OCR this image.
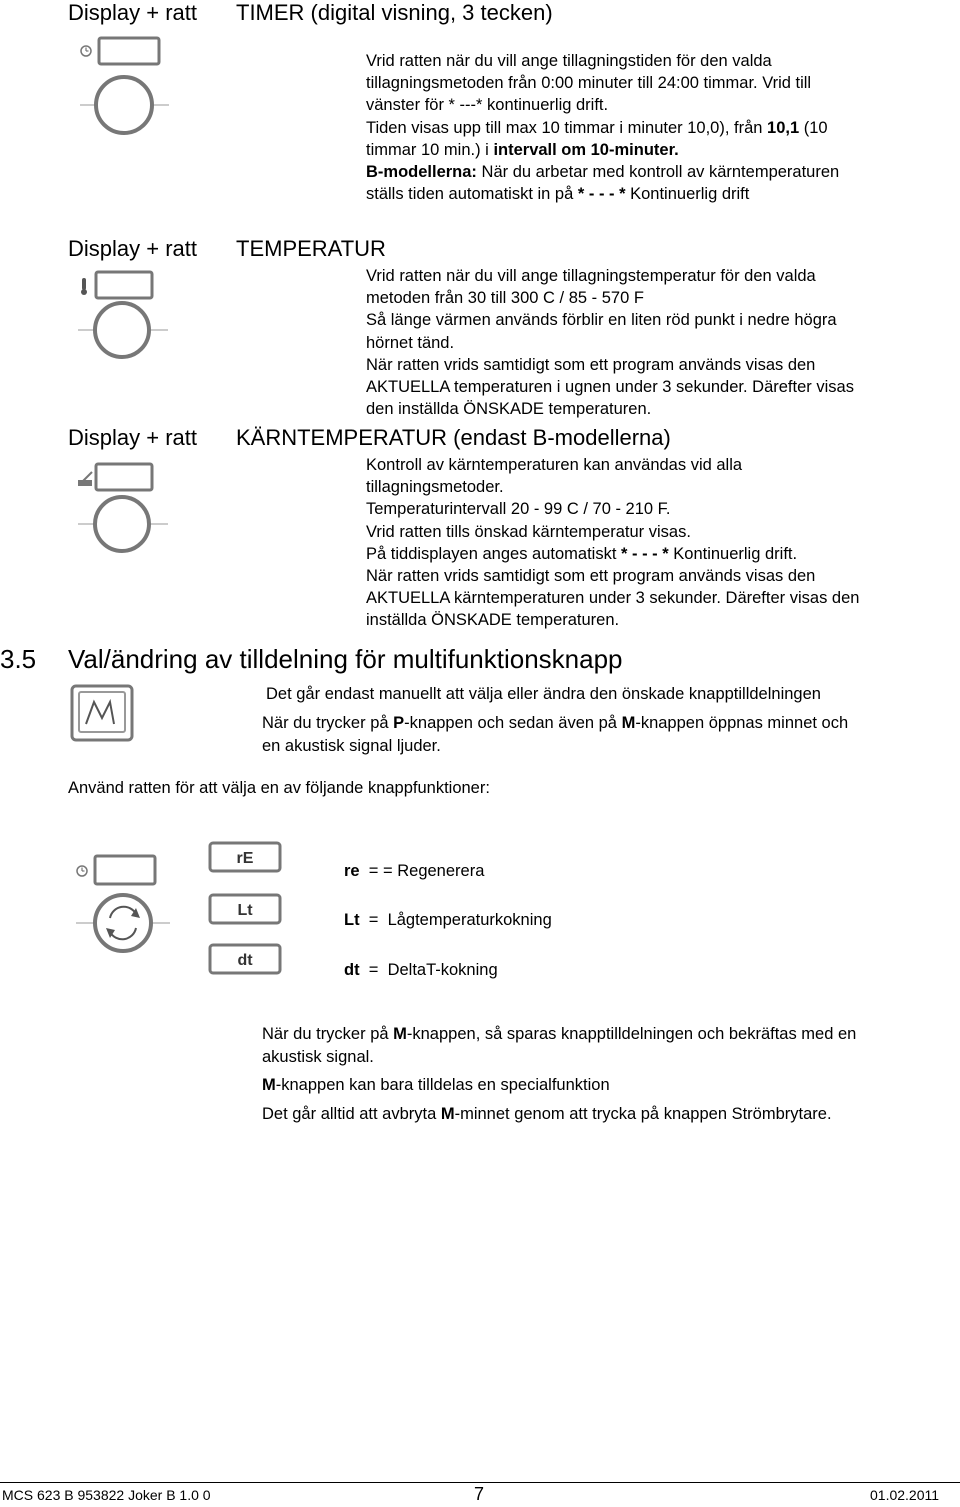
Display + ratt TIMER (digital visning, 3 tecken)
Vrid ratten när du vill ange tillagningstiden för den valda
tillagningsmetoden från 0:00 minuter till 24:00 timmar. Vrid till
vänster för * ---* kontinuerlig drift.
Tiden visas upp till max 10 timmar i minuter 10,0), från 10,1 (10
timmar 10 min.) i intervall om 10-minuter.
B-modellerna: När du arbetar med kontroll av kärntemperaturen
ställs tiden automatiskt in på * - - - * Kontinuerlig drift
Display + ratt TEMPERATUR
Vrid ratten när du vill ange tillagningstemperatur för den valda
metoden från 30 till 300 C / 85 - 570 F
Så länge värmen används förblir en liten röd punkt i nedre högra
hörnet tänd.
När ratten vrids samtidigt som ett program används visas den
AKTUELLA temperaturen i ugnen under 3 sekunder. Därefter visas
den inställda ÖNSKADE temperaturen.
Display + ratt KÄRNTEMPERATUR (endast B-modellerna)
Kontroll av kärntemperaturen kan användas vid alla
tillagningsmetoder.
Temperaturintervall 20 - 99 C / 70 - 210 F.
Vrid ratten tills önskad kärntemperatur visas.
På tiddisplayen anges automatiskt * - - - * Kontinuerlig drift.
När ratten vrids samtidigt som ett program används visas den
AKTUELLA kärntemperaturen under 3 sekunder. Därefter visas den
inställda ÖNSKADE temperaturen.
3.5 Val/ändring av tilldelning för multifunktionsknapp
Det går endast manuellt att välja eller ändra den önskade knapptilldelningen
När du trycker på P-knappen och sedan även på M-knappen öppnas minnet och
en akustisk signal ljuder.
Använd ratten för att välja en av följande knappfunktioner:
rE
Lt
dt
re = = Regenerera
Lt = Lågtemperaturkokning
dt = DeltaT-kokning
När du trycker på M-knappen, så sparas knapptilldelningen och bekräftas med en
akustisk signal.
M-knappen kan bara tilldelas en specialfunktion
Det går alltid att avbryta M-minnet genom att trycka på knappen Strömbrytare.
MCS 623 B 953822 Joker B 1.0 0	7	01.02.2011
